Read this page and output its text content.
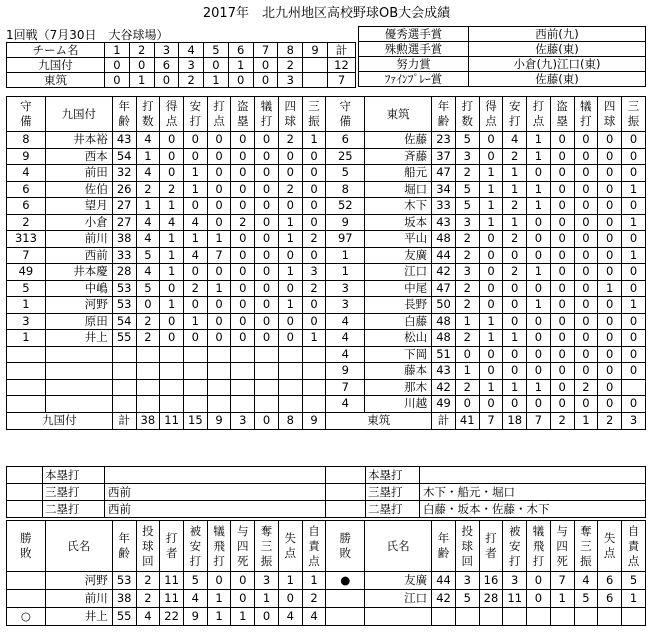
2017年　北九州地区高校野球OB大会成績
1回戦（7月30日　大谷球場）
チーム名	1	2	3	4	5	6	7	8	9	計
九国付	0	0	6	3	0	1	0	2		12
東筑	0	1	0	2	1	0	0	3		7
優秀選手賞	西前(九)
殊勲選手賞	佐藤(東)
努力賞	小倉(九)江口(東)
ﾌｧｲﾝﾌﾟﾚｰ賞	佐藤(東)
守備	九国付	年齢	打数	得点	安打	打点	盗塁	犠打	四球	三振	守備	東筑	年齢	打数	得点	安打	打点	盗塁	犠打	四球	三振
8	井本裕	43	4	0	0	0	0	0	2	1	6	佐藤	23	5	0	4	1	0	0	0	0
9	西本	54	1	0	0	0	0	0	0	0	25	斉藤	37	3	0	2	1	0	0	0	0
4	前田	32	4	0	1	0	0	0	0	0	5	船元	47	2	1	1	0	0	0	0	0
6	佐伯	26	2	2	1	0	0	0	2	0	8	堀口	34	5	1	1	1	0	0	0	1
6	望月	27	1	1	0	0	0	0	0	0	52	木下	33	5	1	2	1	0	0	0	0
2	小倉	27	4	4	4	0	2	0	1	0	9	坂本	43	3	1	1	0	0	0	0	1
313	前川	38	4	1	1	1	0	0	1	2	97	平山	48	2	0	2	0	0	0	0	0
7	西前	33	5	1	4	7	0	0	0	0	1	友廣	44	2	0	0	0	0	0	0	1
49	井本慶	28	4	1	0	0	0	0	1	3	1	江口	42	3	0	2	1	0	0	0	0
5	中嶋	53	5	0	2	1	0	0	0	2	3	中尾	47	2	0	0	0	0	0	1	0
1	河野	53	0	1	0	0	0	0	1	0	3	長野	50	2	0	0	1	0	0	0	1
3	原田	54	2	0	1	0	0	0	0	0	4	白藤	48	1	1	0	0	0	0	0	0
1	井上	55	2	0	0	0	0	0	0	1	4	松山	48	2	1	1	0	0	0	0	0
											4	下岡	51	0	0	0	0	0	0	0	0
											9	藤本	43	1	0	0	0	0	0	0	0
											7	那木	42	2	1	1	1	0	2	0	
											4	川越	49	0	0	0	0	0	0	0	0
九国付		計	38	11	15	9	3	0	8	9	東筑		計	41	7	18	7	2	1	2	3
	本塁打			本塁打	
	三塁打	西前		三塁打	木下・船元・堀口
	二塁打	西前		二塁打	白藤・坂本・佐藤・木下
勝敗	氏名	年齢	投球回	打者	被安打	犠飛打	与四死	奪三振	失点	自責点	勝敗	氏名	年齢	投球回	打者	被安打	犠飛打	与四死	奪三振	失点	自責点
	河野	53	2	11	5	0	0	3	1	1	●	友廣	44	3	16	3	0	7	4	6	5
	前川	38	2	11	4	1	0	1	0	2		江口	42	5	28	11	0	1	5	6	1
○	井上	55	4	22	9	1	1	0	4	4											
